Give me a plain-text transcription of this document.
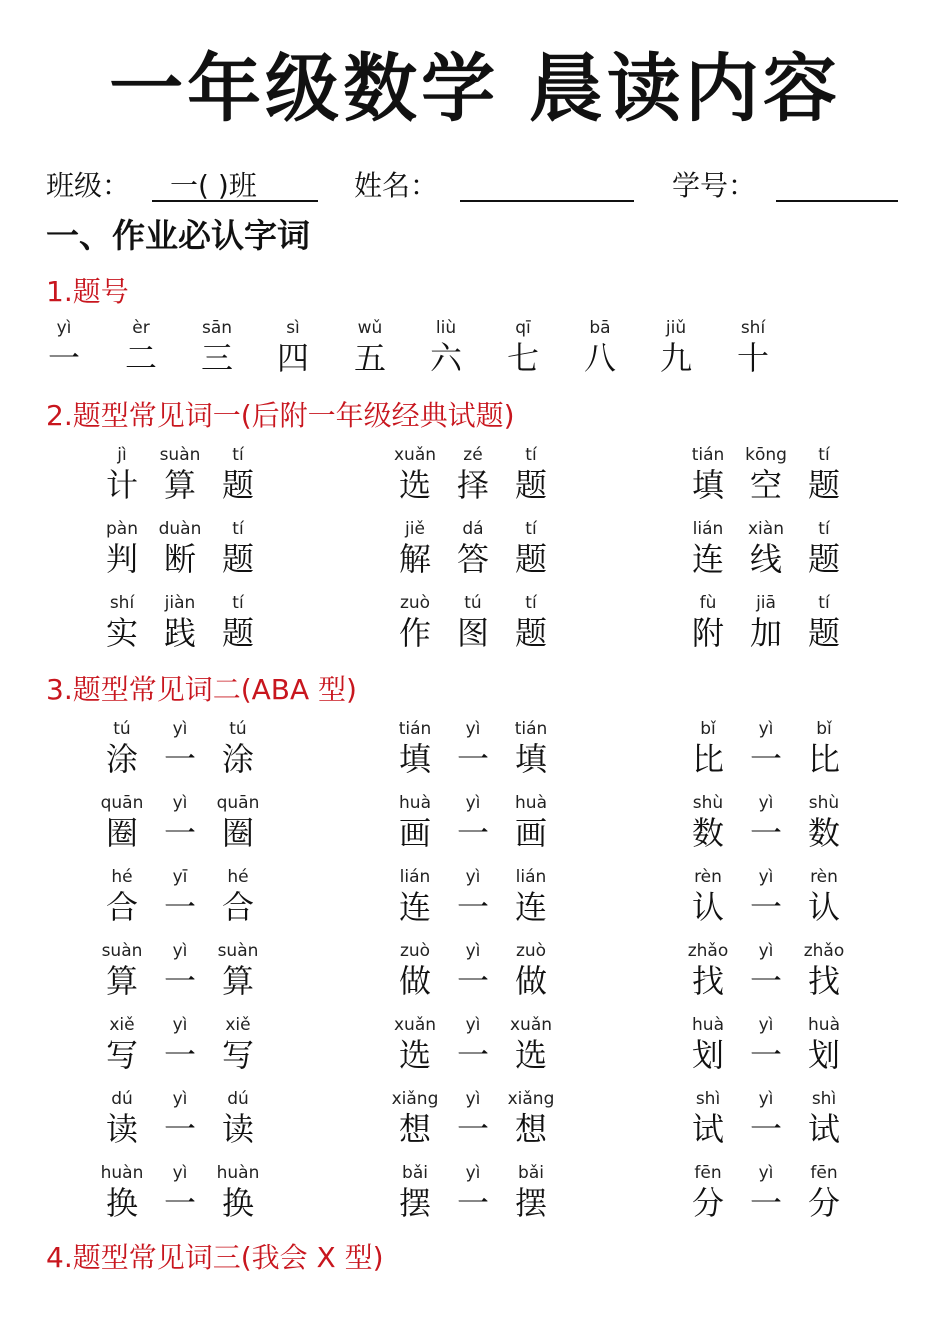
一年级数学 晨读内容
班级： 一( )班	姓名：	学号：
一、作业必认字词
1.题号
yì
一
èr
二
sān
三
sì
四
wǔ
五
liù
六
qī
七
bā
八
jiǔ
九
shí
十
2.题型常见词一(后附一年级经典试题)
jì
计
suàn
算
tí
题
xuǎn
选
zé
择
tí
题
tián
填
kōng
空
tí
题
pàn
判
duàn
断
tí
题
jiě
解
dá
答
tí
题
lián
连
xiàn
线
tí
题
shí
实
jiàn
践
tí
题
zuò
作
tú
图
tí
题
fù
附
jiā
加
tí
题
3.题型常见词二(ABA 型)
tú
涂
yì
一
tú
涂
tián
填
yì
一
tián
填
bǐ
比
yì
一
bǐ
比
quān
圈
yì
一
quān
圈
huà
画
yì
一
huà
画
shù
数
yì
一
shù
数
hé
合
yī
一
hé
合
lián
连
yì
一
lián
连
rèn
认
yì
一
rèn
认
suàn
算
yì
一
suàn
算
zuò
做
yì
一
zuò
做
zhǎo
找
yì
一
zhǎo
找
xiě
写
yì
一
xiě
写
xuǎn
选
yì
一
xuǎn
选
huà
划
yì
一
huà
划
dú
读
yì
一
dú
读
xiǎng
想
yì
一
xiǎng
想
shì
试
yì
一
shì
试
huàn
换
yì
一
huàn
换
bǎi
摆
yì
一
bǎi
摆
fēn
分
yì
一
fēn
分
4.题型常见词三(我会 X 型)
